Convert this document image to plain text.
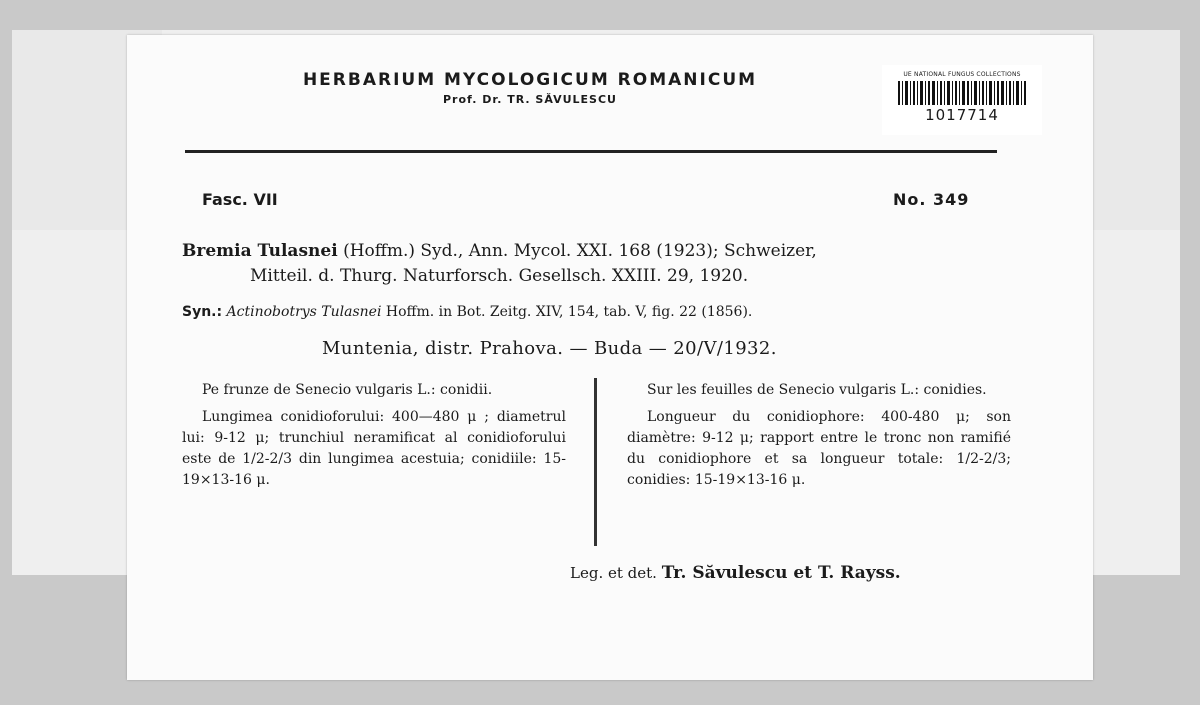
HERBARIUM MYCOLOGICUM ROMANICUM
Prof. Dr. TR. SĂVULESCU
UE NATIONAL FUNGUS COLLECTIONS
1017714
Fasc. VII	No. 349
Bremia Tulasnei (Hoffm.) Syd., Ann. Mycol. XXI. 168 (1923); Schweizer,
Mitteil. d. Thurg. Naturforsch. Gesellsch. XXIII. 29, 1920.
Syn.: Actinobotrys Tulasnei Hoffm. in Bot. Zeitg. XIV, 154, tab. V, fig. 22 (1856).
Muntenia, distr. Prahova. — Buda — 20/V/1932.

Pe frunze de Senecio vulgaris L.: conidii.

Lungimea conidioforului: 400—480 μ ; diametrul lui: 9-12 μ; trunchiul neramificat al conidioforului este de 1/2-2/3 din lungimea acestuia; conidiile: 15-19×13-16 μ.

Sur les feuilles de Senecio vulgaris L.: conidies.

Longueur du conidiophore: 400-480 μ; son diamètre: 9-12 μ; rapport entre le tronc non ramifié du conidiophore et sa longueur totale: 1/2-2/3; conidies: 15-19×13-16 μ.

Leg. et det. Tr. Săvulescu et T. Rayss.
